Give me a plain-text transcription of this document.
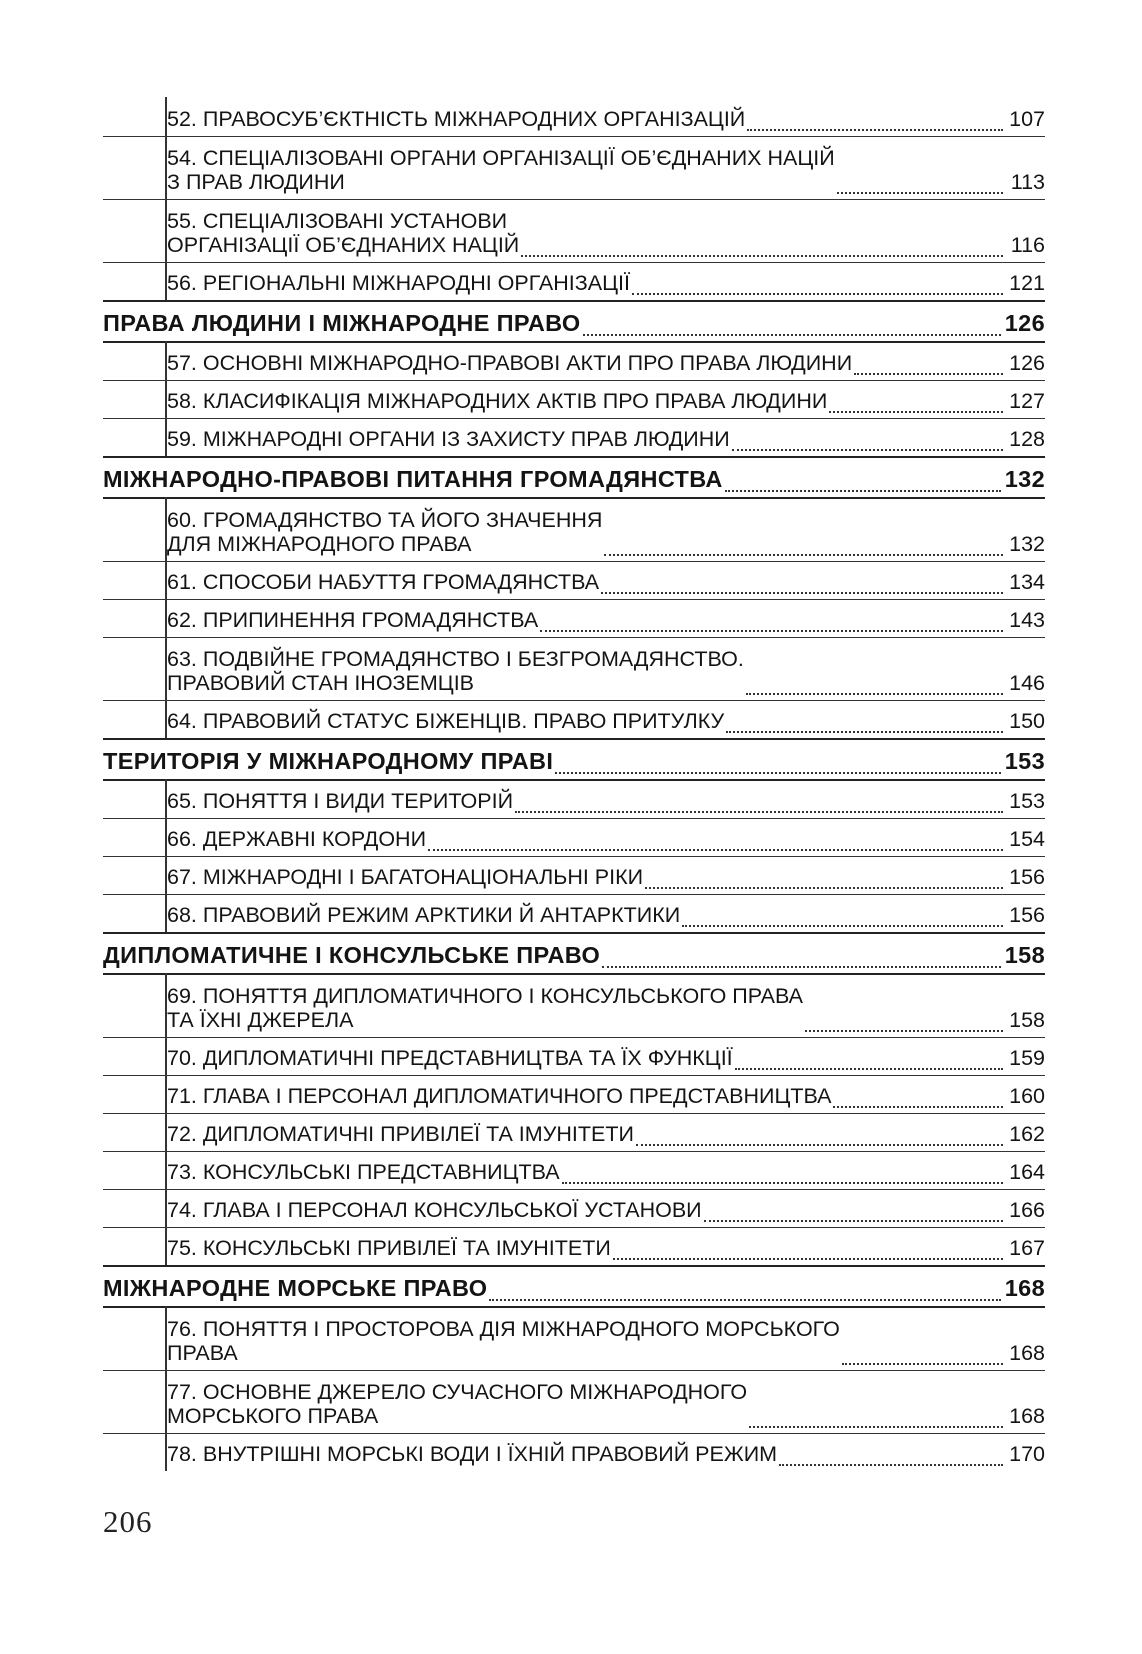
52. ПРАВОСУБ’ЄКТНІСТЬ МІЖНАРОДНИХ ОРГАНІЗАЦІЙ	107
54. СПЕЦІАЛІЗОВАНІ ОРГАНИ ОРГАНІЗАЦІЇ ОБ’ЄДНАНИХ НАЦІЙ
З ПРАВ ЛЮДИНИ	113
55. СПЕЦІАЛІЗОВАНІ УСТАНОВИ
ОРГАНІЗАЦІЇ ОБ’ЄДНАНИХ НАЦІЙ	116
56. РЕГІОНАЛЬНІ МІЖНАРОДНІ ОРГАНІЗАЦІЇ	121
ПРАВА ЛЮДИНИ І МІЖНАРОДНЕ ПРАВО	126
57. ОСНОВНІ МІЖНАРОДНО-ПРАВОВІ АКТИ ПРО ПРАВА ЛЮДИНИ	126
58. КЛАСИФІКАЦІЯ МІЖНАРОДНИХ АКТІВ ПРО ПРАВА ЛЮДИНИ	127
59. МІЖНАРОДНІ ОРГАНИ ІЗ ЗАХИСТУ ПРАВ ЛЮДИНИ	128
МІЖНАРОДНО-ПРАВОВІ ПИТАННЯ ГРОМАДЯНСТВА	132
60. ГРОМАДЯНСТВО ТА ЙОГО ЗНАЧЕННЯ
ДЛЯ МІЖНАРОДНОГО ПРАВА	132
61. СПОСОБИ НАБУТТЯ ГРОМАДЯНСТВА	134
62. ПРИПИНЕННЯ ГРОМАДЯНСТВА	143
63. ПОДВІЙНЕ ГРОМАДЯНСТВО І БЕЗГРОМАДЯНСТВО.
ПРАВОВИЙ СТАН ІНОЗЕМЦІВ	146
64. ПРАВОВИЙ СТАТУС БІЖЕНЦІВ. ПРАВО ПРИТУЛКУ	150
ТЕРИТОРІЯ У МІЖНАРОДНОМУ ПРАВІ	153
65. ПОНЯТТЯ І ВИДИ ТЕРИТОРІЙ	153
66. ДЕРЖАВНІ КОРДОНИ	154
67. МІЖНАРОДНІ І БАГАТОНАЦІОНАЛЬНІ РІКИ	156
68. ПРАВОВИЙ РЕЖИМ АРКТИКИ Й АНТАРКТИКИ	156
ДИПЛОМАТИЧНЕ І КОНСУЛЬСЬКЕ ПРАВО	158
69. ПОНЯТТЯ ДИПЛОМАТИЧНОГО І КОНСУЛЬСЬКОГО ПРАВА
ТА ЇХНІ ДЖЕРЕЛА	158
70. ДИПЛОМАТИЧНІ ПРЕДСТАВНИЦТВА ТА ЇХ ФУНКЦІЇ	159
71. ГЛАВА І ПЕРСОНАЛ ДИПЛОМАТИЧНОГО ПРЕДСТАВНИЦТВА	160
72. ДИПЛОМАТИЧНІ ПРИВІЛЕЇ ТА ІМУНІТЕТИ	162
73. КОНСУЛЬСЬКІ ПРЕДСТАВНИЦТВА	164
74. ГЛАВА І ПЕРСОНАЛ КОНСУЛЬСЬКОЇ УСТАНОВИ	166
75. КОНСУЛЬСЬКІ ПРИВІЛЕЇ ТА ІМУНІТЕТИ	167
МІЖНАРОДНЕ МОРСЬКЕ ПРАВО	168
76. ПОНЯТТЯ І ПРОСТОРОВА ДІЯ МІЖНАРОДНОГО МОРСЬКОГО
ПРАВА	168
77. ОСНОВНЕ ДЖЕРЕЛО СУЧАСНОГО МІЖНАРОДНОГО
МОРСЬКОГО ПРАВА	168
78. ВНУТРІШНІ МОРСЬКІ ВОДИ І ЇХНІЙ ПРАВОВИЙ РЕЖИМ	170
206
